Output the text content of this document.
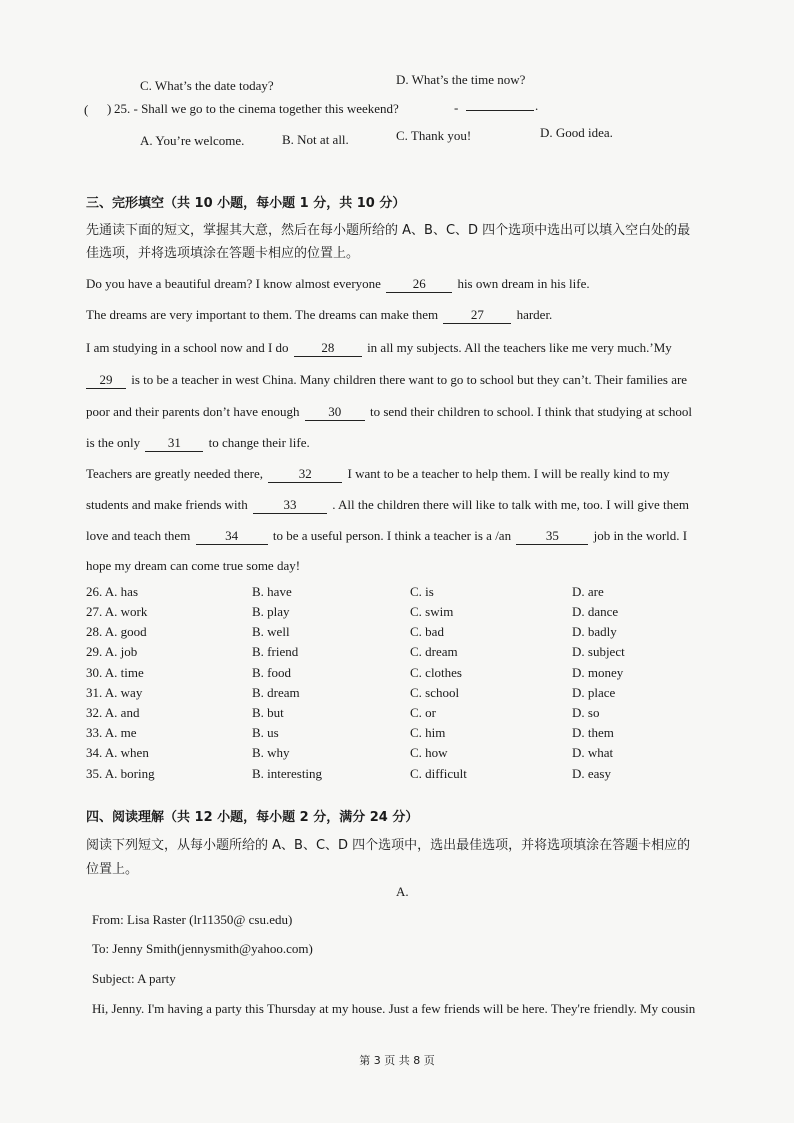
C. What’s the date today?	D. What’s the time now?
( ) 25. - Shall we go to the cinema together this weekend?	-	.
A. You’re welcome.	B. Not at all.	C. Thank you!	D. Good idea.
三、完形填空（共 10 小题，每小题 1 分，共 10 分）
先通读下面的短文，掌握其大意，然后在每小题所给的 A、B、C、D 四个选项中选出可以填入空白处的最
佳选项，并将选项填涂在答题卡相应的位置上。
Do you have a beautiful dream? I know almost everyone 26 his own dream in his life.
The dreams are very important to them. The dreams can make them	27	harder.
I am studying in a school now and I do	28	in all my subjects. All the teachers like me very much.’My
29 is to be a teacher in west China. Many children there want to go to school but they can’t. Their families are
poor and their parents don’t have enough 30 to send their children to school. I think that studying at school
is the only 31 to change their life.
Teachers are greatly needed there,	32	I want to be a teacher to help them. I will be really kind to my
students and make friends with	33	. All the children there will like to talk with me, too. I will give them
love and teach them	34	to be a useful person. I think a teacher is a /an	35	job in the world. I
hope my dream can come true some day!
26. A. has	B. have	C. is	D. are
27. A. work	B. play	C. swim	D. dance
28. A. good	B. well	C. bad	D. badly
29. A. job	B. friend	C. dream	D. subject
30. A. time	B. food	C. clothes	D. money
31. A. way	B. dream	C. school	D. place
32. A. and	B. but	C. or	D. so
33. A. me	B. us	C. him	D. them
34. A. when	B. why	C. how	D. what
35. A. boring	B. interesting	C. difficult	D. easy
四、阅读理解（共 12 小题，每小题 2 分，满分 24 分）
阅读下列短文，从每小题所给的 A、B、C、D 四个选项中，选出最佳选项，并将选项填涂在答题卡相应的
位置上。
A.
From: Lisa Raster (lr11350@ csu.edu)
To: Jenny Smith(jennysmith@yahoo.com)
Subject: A party
Hi, Jenny. I'm having a party this Thursday at my house. Just a few friends will be here. They're friendly. My cousin
第 3 页 共 8 页
